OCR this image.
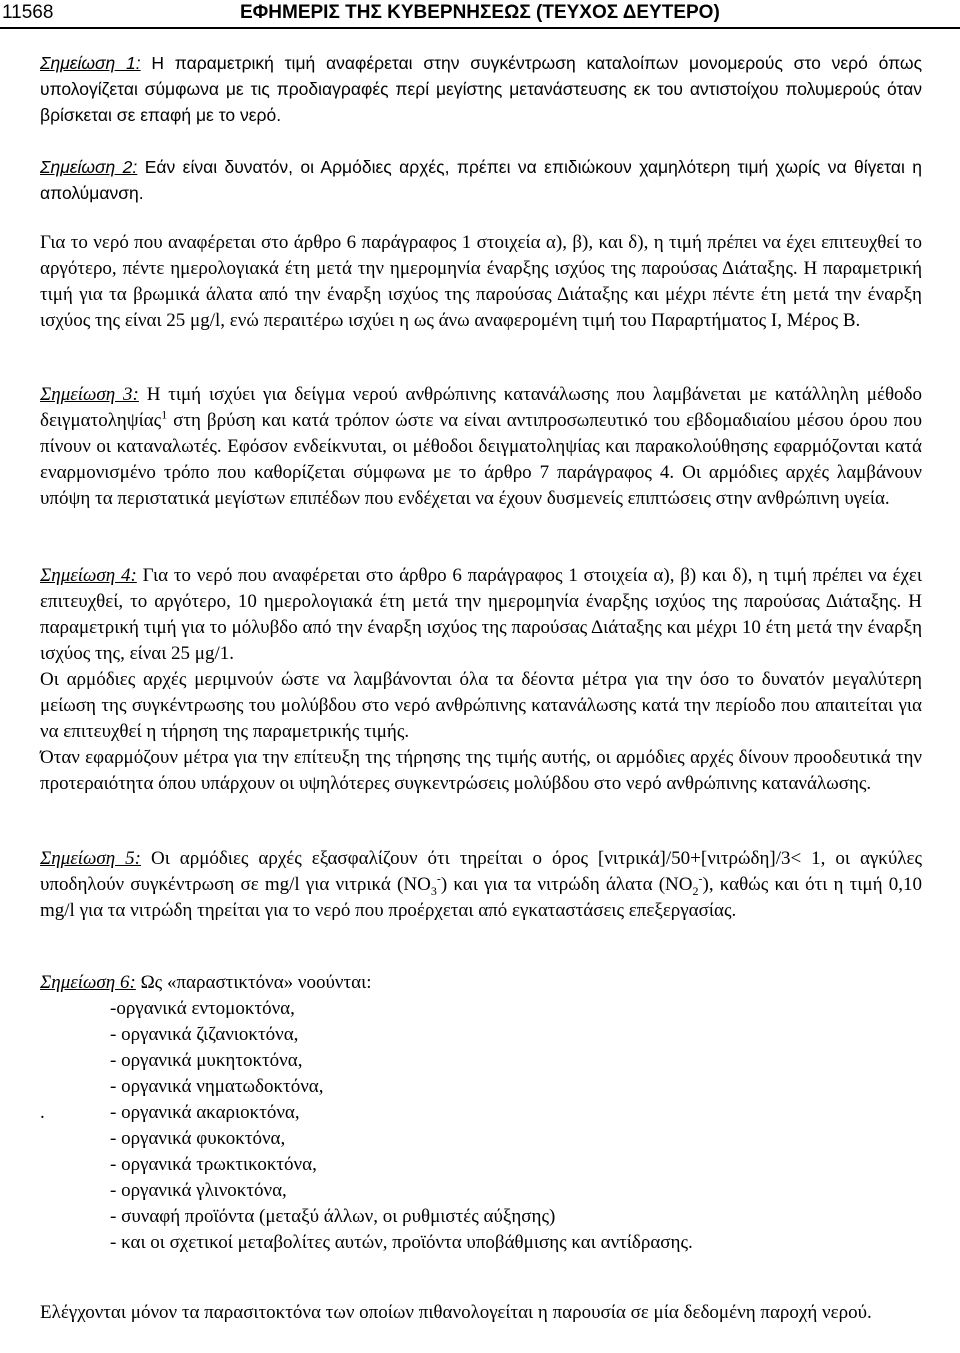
11568	ΕΦΗΜΕΡΙΣ ΤΗΣ ΚΥΒΕΡΝΗΣΕΩΣ (ΤΕΥΧΟΣ ΔΕΥΤΕΡΟ)
Σημείωση 1: Η παραμετρική τιμή αναφέρεται στην συγκέντρωση καταλοίπων μονομερούς στο νερό όπως υπολογίζεται σύμφωνα με τις προδιαγραφές περί μεγίστης μετανάστευσης εκ του αντιστοίχου πολυμερούς όταν βρίσκεται σε επαφή με το νερό.
Σημείωση 2: Εάν είναι δυνατόν, οι Αρμόδιες αρχές, πρέπει να επιδιώκουν χαμηλότερη τιμή χωρίς να θίγεται η απολύμανση.
Για το νερό που αναφέρεται στο άρθρο 6 παράγραφος 1 στοιχεία α), β), και δ), η τιμή πρέπει να έχει επιτευχθεί το αργότερο, πέντε ημερολογιακά έτη μετά την ημερομηνία έναρξης ισχύος της παρούσας Διάταξης. Η παραμετρική τιμή για τα βρωμικά άλατα από την έναρξη ισχύος της παρούσας Διάταξης και μέχρι πέντε έτη μετά την έναρξη ισχύος της είναι 25 μg/l, ενώ περαιτέρω ισχύει η ως άνω αναφερομένη τιμή του Παραρτήματος Ι, Μέρος Β.
Σημείωση 3: Η τιμή ισχύει για δείγμα νερού ανθρώπινης κατανάλωσης που λαμβάνεται με κατάλληλη μέθοδο δειγματοληψίας$^1$ στη βρύση και κατά τρόπον ώστε να είναι αντιπροσωπευτικό του εβδομαδιαίου μέσου όρου που πίνουν οι καταναλωτές. Εφόσον ενδείκνυται, οι μέθοδοι δειγματοληψίας και παρακολούθησης εφαρμόζονται κατά εναρμονισμένο τρόπο που καθορίζεται σύμφωνα με το άρθρο 7 παράγραφος 4. Οι αρμόδιες αρχές λαμβάνουν υπόψη τα περιστατικά μεγίστων επιπέδων που ενδέχεται να έχουν δυσμενείς επιπτώσεις στην ανθρώπινη υγεία.
Σημείωση 4: Για το νερό που αναφέρεται στο άρθρο 6 παράγραφος 1 στοιχεία α), β) και δ), η τιμή πρέπει να έχει επιτευχθεί, το αργότερο, 10 ημερολογιακά έτη μετά την ημερομηνία έναρξης ισχύος της παρούσας Διάταξης. Η παραμετρική τιμή για το μόλυβδο από την έναρξη ισχύος της παρούσας Διάταξης και μέχρι 10 έτη μετά την έναρξη ισχύος της, είναι 25 μg/1.
Οι αρμόδιες αρχές μεριμνούν ώστε να λαμβάνονται όλα τα δέοντα μέτρα για την όσο το δυνατόν μεγαλύτερη μείωση της συγκέντρωσης του μολύβδου στο νερό ανθρώπινης κατανάλωσης κατά την περίοδο που απαιτείται για να επιτευχθεί η τήρηση της παραμετρικής τιμής.
Όταν εφαρμόζουν μέτρα για την επίτευξη της τήρησης της τιμής αυτής, οι αρμόδιες αρχές δίνουν προοδευτικά την προτεραιότητα όπου υπάρχουν οι υψηλότερες συγκεντρώσεις μολύβδου στο νερό ανθρώπινης κατανάλωσης.
Σημείωση 5: Οι αρμόδιες αρχές εξασφαλίζουν ότι τηρείται ο όρος [νιτρικά]/50+[νιτρώδη]/3< 1, οι αγκύλες υποδηλούν συγκέντρωση σε mg/l για νιτρικά $(NO_3^-)$ και για τα νιτρώδη άλατα $(NO_2^-)$, καθώς και ότι η τιμή 0,10 mg/l για τα νιτρώδη τηρείται για το νερό που προέρχεται από εγκαταστάσεις επεξεργασίας.
Σημείωση 6: Ως «παραστικτόνα» νοούνται:
-οργανικά εντομοκτόνα,
- οργανικά ζιζανιοκτόνα,
- οργανικά μυκητοκτόνα,
- οργανικά νηματωδοκτόνα,
.	- οργανικά ακαριοκτόνα,
- οργανικά φυκοκτόνα,
- οργανικά τρωκτικοκτόνα,
- οργανικά γλινοκτόνα,
- συναφή προϊόντα (μεταξύ άλλων, οι ρυθμιστές αύξησης)
- και οι σχετικοί μεταβολίτες αυτών, προϊόντα υποβάθμισης και αντίδρασης.
Ελέγχονται μόνον τα παρασιτοκτόνα των οποίων πιθανολογείται η παρουσία σε μία δεδομένη παροχή νερού.
